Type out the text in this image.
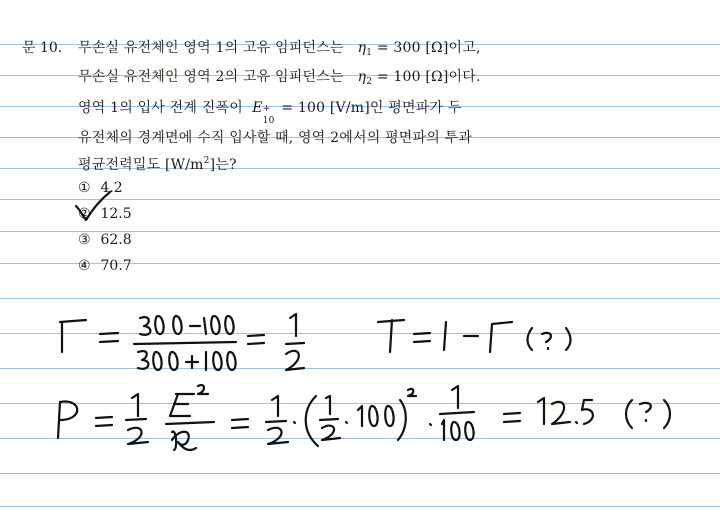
문 10. 무손실 유전체인 영역 1의 고유 임피던스는 $\eta_1 = 300$ [Ω]이고,
무손실 유전체인 영역 2의 고유 임피던스는 $\eta_2 = 100$ [Ω]이다.
영역 1의 입사 전계 진폭이 E +
10
= 100 [V/m]인 평면파가 두
유전체의 경계면에 수직 입사할 때, 영역 2에서의 평면파의 투과
평균전력밀도 $[W/m^2]$는?
① 4.2
② 12.5
③ 62.8
④ 70.7
